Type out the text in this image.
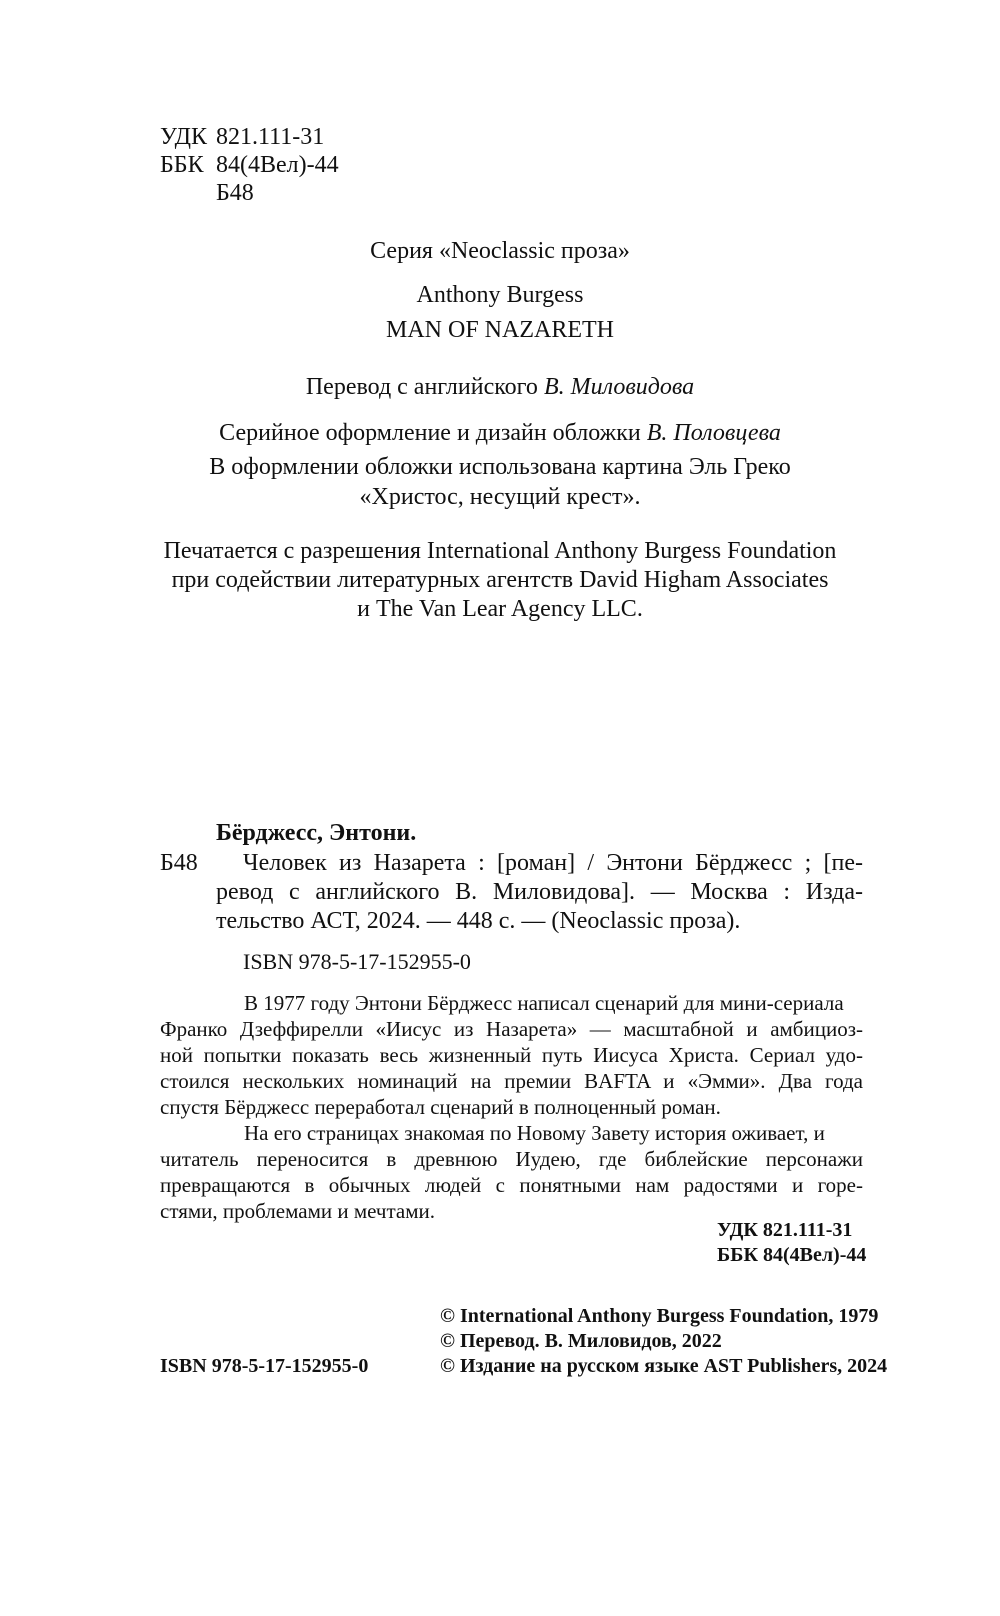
УДК 821.111-31
ББК 84(4Вел)-44
Б48
Серия «Neoclassic проза»
Anthony Burgess
MAN OF NAZARETH
Перевод с английского В. Миловидова
Серийное оформление и дизайн обложки В. Половцева
В оформлении обложки использована картина Эль Греко
«Христос, несущий крест».
Печатается с разрешения International Anthony Burgess Foundation
при содействии литературных агентств David Higham Associates
и The Van Lear Agency LLC.
Бёрджесс, Энтони.
Б48 Человек из Назарета : [роман] / Энтони Бёрджесс ; [пе-
ревод с английского В. Миловидова]. — Москва : Изда-
тельство АСТ, 2024. — 448 с. — (Neoclassic проза).
ISBN 978-5-17-152955-0
В 1977 году Энтони Бёрджесс написал сценарий для мини-сериала
Франко Дзеффирелли «Иисус из Назарета» — масштабной и амбициоз-
ной попытки показать весь жизненный путь Иисуса Христа. Сериал удо-
стоился нескольких номинаций на премии BAFTA и «Эмми». Два года
спустя Бёрджесс переработал сценарий в полноценный роман.
На его страницах знакомая по Новому Завету история оживает, и
читатель переносится в древнюю Иудею, где библейские персонажи
превращаются в обычных людей с понятными нам радостями и горе-
стями, проблемами и мечтами.
УДК 821.111-31
ББК 84(4Вел)-44
© International Anthony Burgess Foundation, 1979
© Перевод. В. Миловидов, 2022
© Издание на русском языке AST Publishers, 2024
ISBN 978-5-17-152955-0
